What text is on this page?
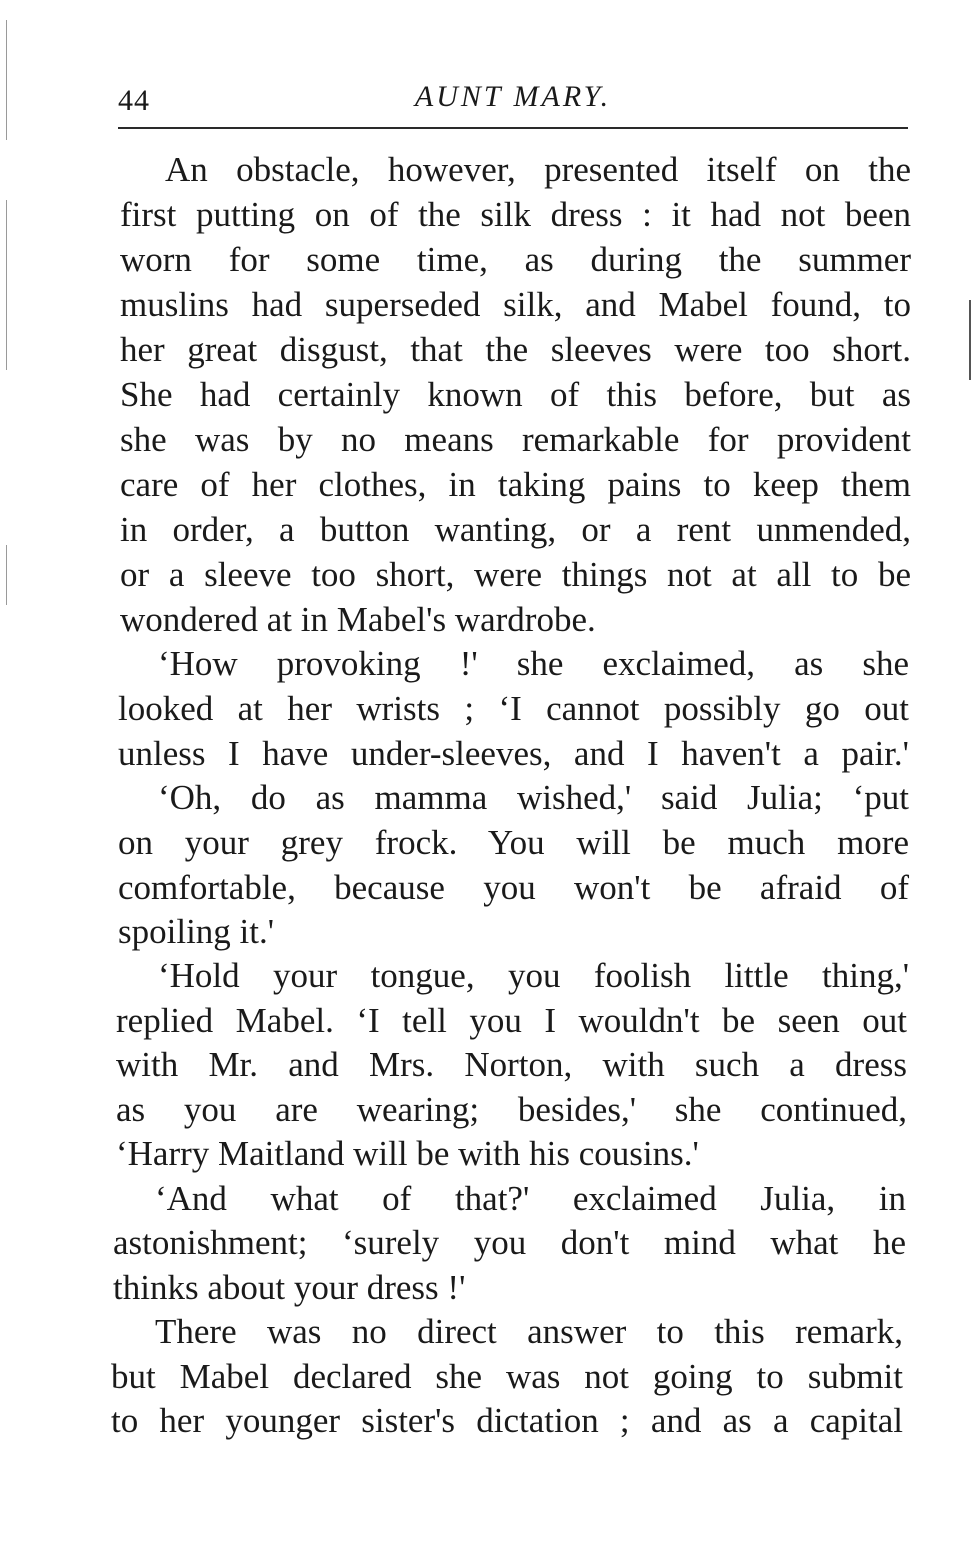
44	AUNT MARY.
An obstacle, however, presented itself on the
first putting on of the silk dress : it had not been
worn for some time, as during the summer
muslins had superseded silk, and Mabel found, to
her great disgust, that the sleeves were too short.
She had certainly known of this before, but as
she was by no means remarkable for provident
care of her clothes, in taking pains to keep them
in order, a button wanting, or a rent unmended,
or a sleeve too short, were things not at all to be
wondered at in Mabel's wardrobe.
‘How provoking !' she exclaimed, as she
looked at her wrists ; ‘I cannot possibly go out
unless I have under-sleeves, and I haven't a pair.'
‘Oh, do as mamma wished,' said Julia; ‘put
on your grey frock. You will be much more
comfortable, because you won't be afraid of
spoiling it.'
‘Hold your tongue, you foolish little thing,'
replied Mabel. ‘I tell you I wouldn't be seen out
with Mr. and Mrs. Norton, with such a dress
as you are wearing; besides,' she continued,
‘Harry Maitland will be with his cousins.'
‘And what of that?' exclaimed Julia, in
astonishment; ‘surely you don't mind what he
thinks about your dress !'
There was no direct answer to this remark,
but Mabel declared she was not going to submit
to her younger sister's dictation ; and as a capital
